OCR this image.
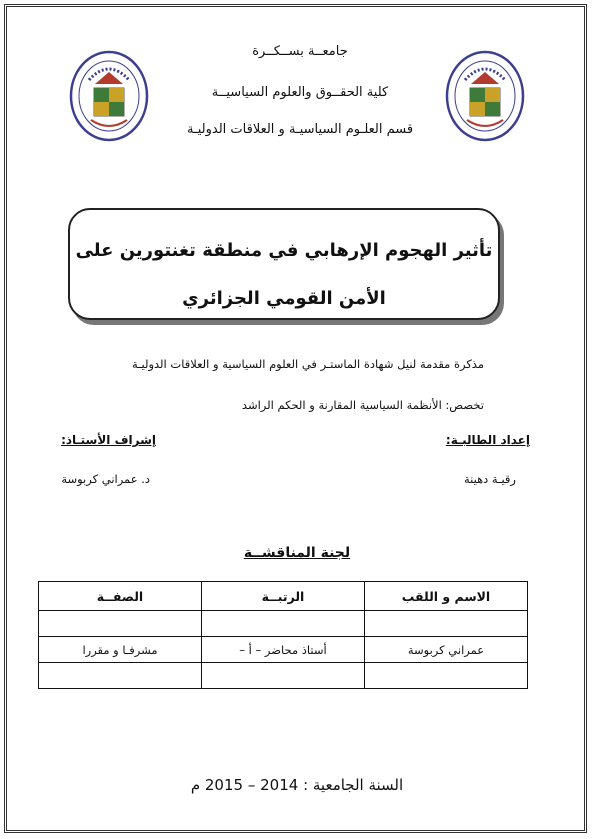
جامعــة بســكــرة
كلية الحقــوق والعلوم السياسيــة
قسم العلـوم السياسيـة و العلاقات الدوليـة
تأثير الهجوم الإرهابي في منطقة تغنتورين على
الأمن القومي الجزائري
مذكرة مقدمة لنيل شهادة الماستـر في العلوم السياسية و العلاقات الدوليـة
تخصص: الأنظمة السياسية المقارنة و الحكم الراشد
إعداد الطالبـة:
إشراف الأستـاذ:
رقيـة دهينة
د. عمراني كربوسة
لجنة المناقشــة
الاسم و اللقب	الرتبــة	الصفــة

عمراني كربوسة	أستاذ محاضر – أ –	مشرفـا و مقررا

السنة الجامعية : 2014 – 2015 م
